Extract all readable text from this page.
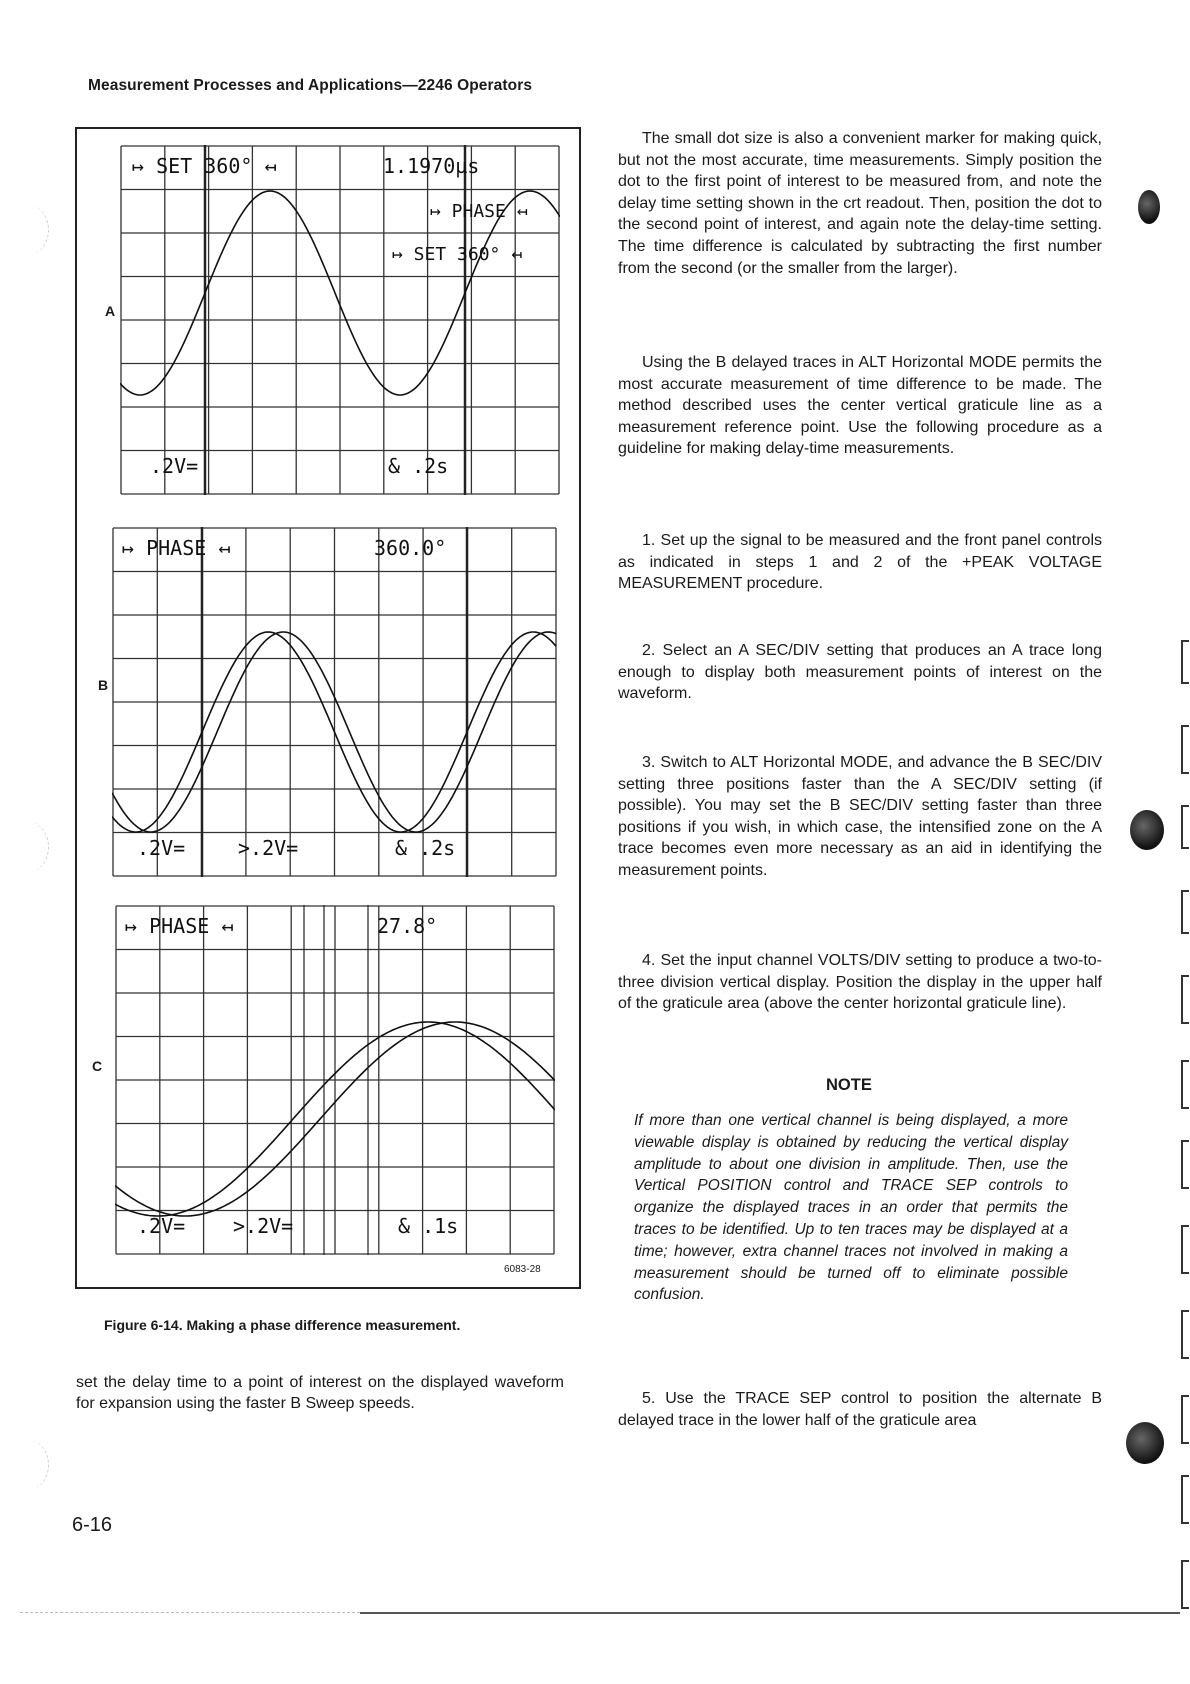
Measurement Processes and Applications—2246 Operators
A
↦ SET 360° ↤	1.1970µs
↦ PHASE ↤
↦ SET 360° ↤
.2V=	& .2s
B
↦ PHASE ↤	360.0°
.2V=	>.2V=	& .2s
C
↦ PHASE ↤	27.8°
.2V= >.2V=	& .1s
6083-28
Figure 6-14. Making a phase difference measurement.
set the delay time to a point of interest on the displayed waveform for expansion using the faster B Sweep speeds.

The small dot size is also a convenient marker for making quick, but not the most accurate, time measurements. Simply position the dot to the first point of interest to be measured from, and note the delay time setting shown in the crt readout. Then, position the dot to the second point of interest, and again note the delay-time setting. The time difference is calculated by subtracting the first number from the second (or the smaller from the larger).

Using the B delayed traces in ALT Horizontal MODE permits the most accurate measurement of time difference to be made. The method described uses the center vertical graticule line as a measurement reference point. Use the following procedure as a guideline for making delay-time measurements.

1. Set up the signal to be measured and the front panel controls as indicated in steps 1 and 2 of the +PEAK VOLTAGE MEASUREMENT procedure.

2. Select an A SEC/DIV setting that produces an A trace long enough to display both measurement points of interest on the waveform.

3. Switch to ALT Horizontal MODE, and advance the B SEC/DIV setting three positions faster than the A SEC/DIV setting (if possible). You may set the B SEC/DIV setting faster than three positions if you wish, in which case, the intensified zone on the A trace becomes even more necessary as an aid in identifying the measurement points.

4. Set the input channel VOLTS/DIV setting to produce a two-to-three division vertical display. Position the display in the upper half of the graticule area (above the center horizontal graticule line).

NOTE
If more than one vertical channel is being displayed, a more viewable display is obtained by reducing the vertical display amplitude to about one division in amplitude. Then, use the Vertical POSITION control and TRACE SEP controls to organize the displayed traces in an order that permits the traces to be identified. Up to ten traces may be displayed at a time; however, extra channel traces not involved in making a measurement should be turned off to eliminate possible confusion.

5. Use the TRACE SEP control to position the alternate B delayed trace in the lower half of the graticule area

6-16
